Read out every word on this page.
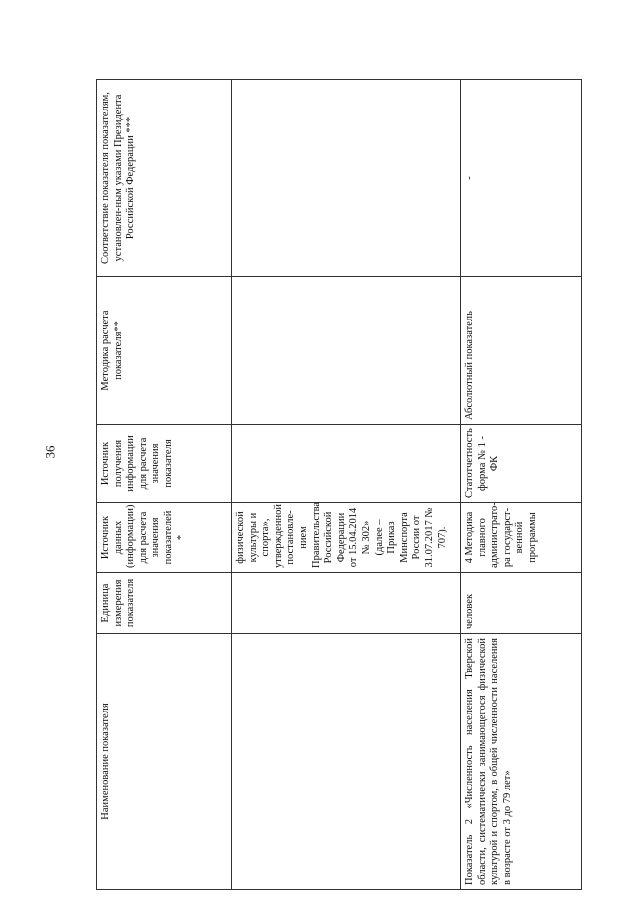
36
Наименование показателя	Единица измерения показателя	Источник данных (информации) для расчета значения показателей *	Источник получения информации для расчета значения показателя	Методика расчета показателя**	Соответствие показателя показателям, установлен-ным указами Президента Российской Федерации ***
		физической культуры и спорта», утвержденной постановле-нием Правительства Российской Федерации от 15.04.2014 № 302» (далее – Приказ Минспорта России от 31.07.2017 № 707).			
Показатель 2 «Численность населения Тверской области, систематически занимающегося физической культурой и спортом, в общей численности населения в возрасте от 3 до 79 лет»	человек	4 Методика главного администрато-ра государст-венной программы	Статотчетность форма № 1 - ФК	Абсолютный показатель	-
